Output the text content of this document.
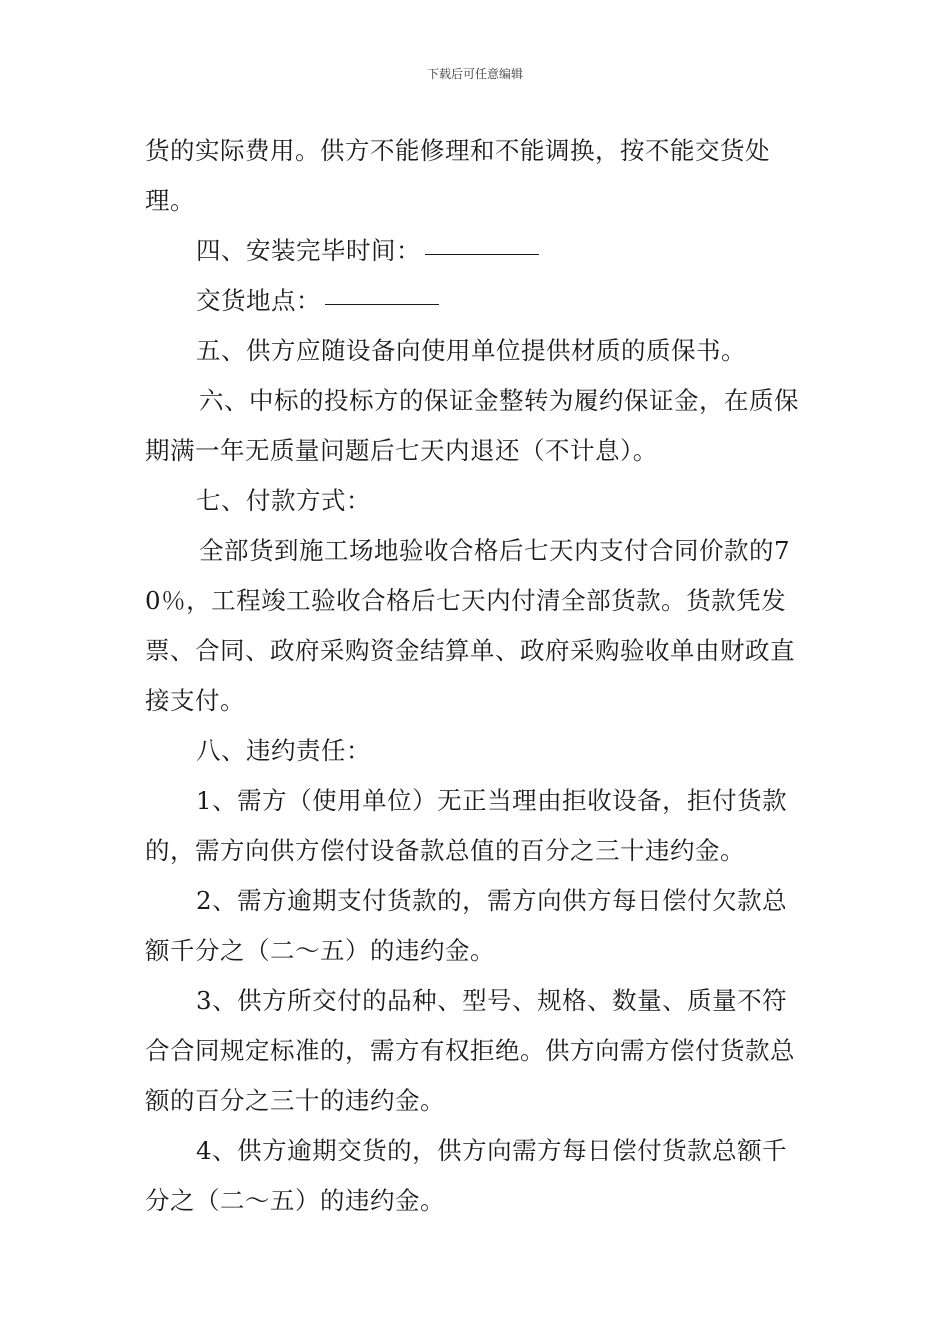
下载后可任意编辑

货的实际费用。供方不能修理和不能调换，按不能交货处理。

四、安装完毕时间：

交货地点：

五、供方应随设备向使用单位提供材质的质保书。

六、中标的投标方的保证金整转为履约保证金，在质保期满一年无质量问题后七天内退还（不计息）。

七、付款方式：

全部货到施工场地验收合格后七天内支付合同价款的70％，工程竣工验收合格后七天内付清全部货款。货款凭发票、合同、政府采购资金结算单、政府采购验收单由财政直接支付。

八、违约责任：

1、需方（使用单位）无正当理由拒收设备，拒付货款的，需方向供方偿付设备款总值的百分之三十违约金。

2、需方逾期支付货款的，需方向供方每日偿付欠款总额千分之（二～五）的违约金。

3、供方所交付的品种、型号、规格、数量、质量不符合合同规定标准的，需方有权拒绝。供方向需方偿付货款总额的百分之三十的违约金。

4、供方逾期交货的，供方向需方每日偿付货款总额千分之（二～五）的违约金。
